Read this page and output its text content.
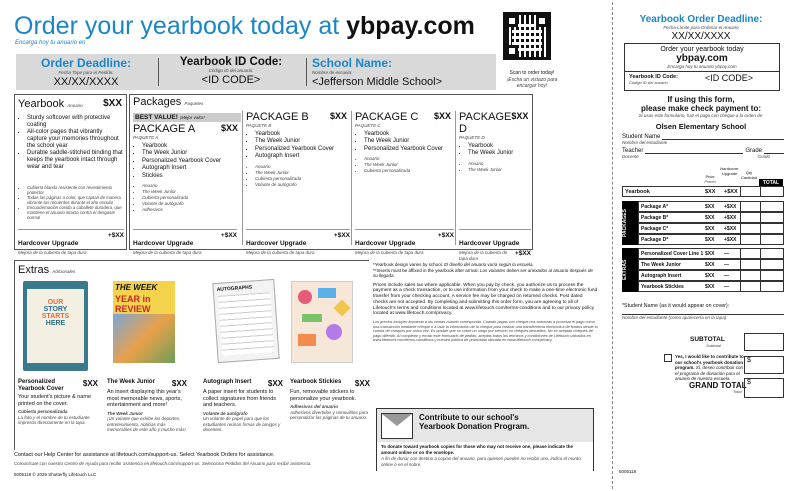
Order your yearbook today at ybpay.com
Encarga hoy tu anuario en
Order Deadline:
Fecha Tope para el Pedido:
XX/XX/XXXX
Yearbook ID Code:
Código ID del anuario:
<ID CODE>
School Name:
Nombre de escuela:
<Jefferson Middle School>
Scan to order today!
¡Escha un vistazo para encargar hoy!
Yearbook Anuario $XX
• Sturdy softcover with protective coating
• All-color pages that vibrantly capture your memories throughout the school year
• Durable saddle-stitched binding that keeps the yearbook intact through wear and tear
• Cubierta blanda resistente con revestimiento protector
• Todas las páginas a color, que captan de manera vibrante tus recuerdos durante el año escolar
• Encuadernación cosida a caballete duradera, que mantiene el anuario intacto contra el desgaste normal
Hardcover Upgrade
+$XX
Mejora de la cubierta de tapa dura
Packages Paquetes
BEST VALUE! ¡Mejor valor!
PACKAGE A	$XX
PAQUETE A
• Yearbook
• The Week Junior
• Personalized Yearbook Cover
• Autograph Insert
• Stickies
• Anuario
• The Week Junior
• Cubierta personalizada
• Volante de autógrafo
• Adhesivos
Hardcover Upgrade
+$XX
Mejora de la cubierta de tapa dura
PACKAGE B $XX
PAQUETE B
• Yearbook
• The Week Junior
• Personalized Yearbook Cover
• Autograph Insert
• Anuario
• The Week Junior
• Cubierta personalizada
• Volante de autógrafo
Hardcover Upgrade
+$XX
Mejora de la cubierta de tapa dura
PACKAGE C $XX
PAQUETE C
• Yearbook
• The Week Junior
• Personalized Yearbook Cover
• Anuario
• The Week Junior
• Cubierta personalizada
Hardcover Upgrade
+$XX
Mejora de la cubierta de tapa dura
PACKAGE D
$XX
PAQUETE D
• Yearbook
• The Week Junior
• Anuario
• The Week Junior
Hardcover Upgrade
+$XX
Mejora de la cubierta de tapa dura
Extras Adicionales
OUR
STORY
STARTS
HERE
THE WEEK
YEAR in REVIEW
AUTOGRAPHS
Personalized Yearbook Cover
$XX
Your student's picture & name printed on the cover.
Cubierta personalizada
La foto y el nombre de tu estudiante impresos directamente en la tapa.
The Week Junior	$XX
An insert displaying this year's most memorable news, sports, entertainment and more!
The Week Junior
¡Un volante que exhibe los deportes, entretenimiento, noticias más memorables de este año y mucho más!
Autograph Insert	$XX
A paper insert for students to collect signatures from friends and teachers.
Volante de autógrafo
Un volante de papel para que los estudiantes reúnan firmas de amigos y docentes.
Yearbook Stickies	$XX
Fun, removable stickers to personalize your yearbook.
Adhesivos del anuario
Adhesivos divertidos y removibles para personalizar las páginas de tu anuario.
*Yearbook design varies by school. El diseño del anuario varía según la escuela.
**Inserts must be affixed in the yearbook after arrival. Los volantes deben ser anexados al anuario después de su llegada.
Prices include sales tax where applicable. When you pay by check, you authorize us to process the payment as a check transaction, or to use information from your check to make a one-time electronic fund transfer from your checking account. A service fee may be charged on returned checks. Post dated checks are not accepted. By completing and submitting this order form, you are agreeing to all of Lifetouch's terms and conditions located at www.lifetouch.com/terms-conditions and to our privacy policy located at www.lifetouch.com/privacy.
Los precios incluyen impuesto a las ventas cuando corresponda. Cuando pagas con cheque nos autorizas a procesar el pago como una transacción mediante cheque o a usar la información de tu cheque para realizar una transferencia electrónica de fondos desde tu cuenta de cheques por única vez. Es posible que se cobre un cargo por servicio en cheques devueltos. No se aceptan cheques de pago diferido. Al completar y enviar este formulario de pedido, aceptas todos los términos y condiciones de Lifetouch ubicados en www.lifetouch.com/terms-conditions y nuestra política de privacidad ubicada en www.lifetouch.com/privacy.
Contribute to our school's
Yearbook Donation Program.
To donate toward yearbook copies for those who may not receive one, please indicate the amount online or on the envelope.
A fin de donar con destino a copias del anuario, para quienes pueden no recibir uno, indica el monto online o en el sobre.
Contact our Help Center for assistance at lifetouch.com/support-us. Select Yearbook Orders for assistance.
Comunícate con nuestro Centro de Ayuda para recibir asistencia en lifetouch.com/support-us. Selecciona Pedidos del Anuario para recibir asistencia.
5005118 © 2025 Shutterfly Lifetouch LLC
5005118
Yearbook Order Deadline:
Fecha Límite para Ordenar el Anuario
XX/XX/XXXX
Order your yearbook today
ybpay.com
Encarga hoy tu anuario ybpay.com
Yearbook ID Code:
Código ID del anuario	<ID CODE>
If using this form,
please make check payment to:
Si usas este formulario, haz el pago con cheque a la orden de:
Olsen Elementary School
Student Name
Nombre del estudiante
Teacher	Grade
Docente	Grado
Price
Precio
Hardcover Upgrade	Qty Cantidad
TOTAL
Yearbook	$XX +$XX
PACKAGES
Package A*	$XX +$XX
Package B*	$XX +$XX
Package C*	$XX +$XX
Package D*	$XX +$XX
EXTRAS
Personalized Cover Line 1 $XX —
The Week Junior	$XX —
Autograph Insert	$XX —
Yearbook Stickies	$XX —
*Student Name (as it would appear on cover):
Nombre del estudiante (como aparecería en la tapa):
SUBTOTAL
Subtotal
Yes, I would like to contribute to our school's yearbook donation program. Sí, deseo contribuir con el programa de donación para el anuario de nuestra escuela.
$
GRAND TOTAL
Total
$
